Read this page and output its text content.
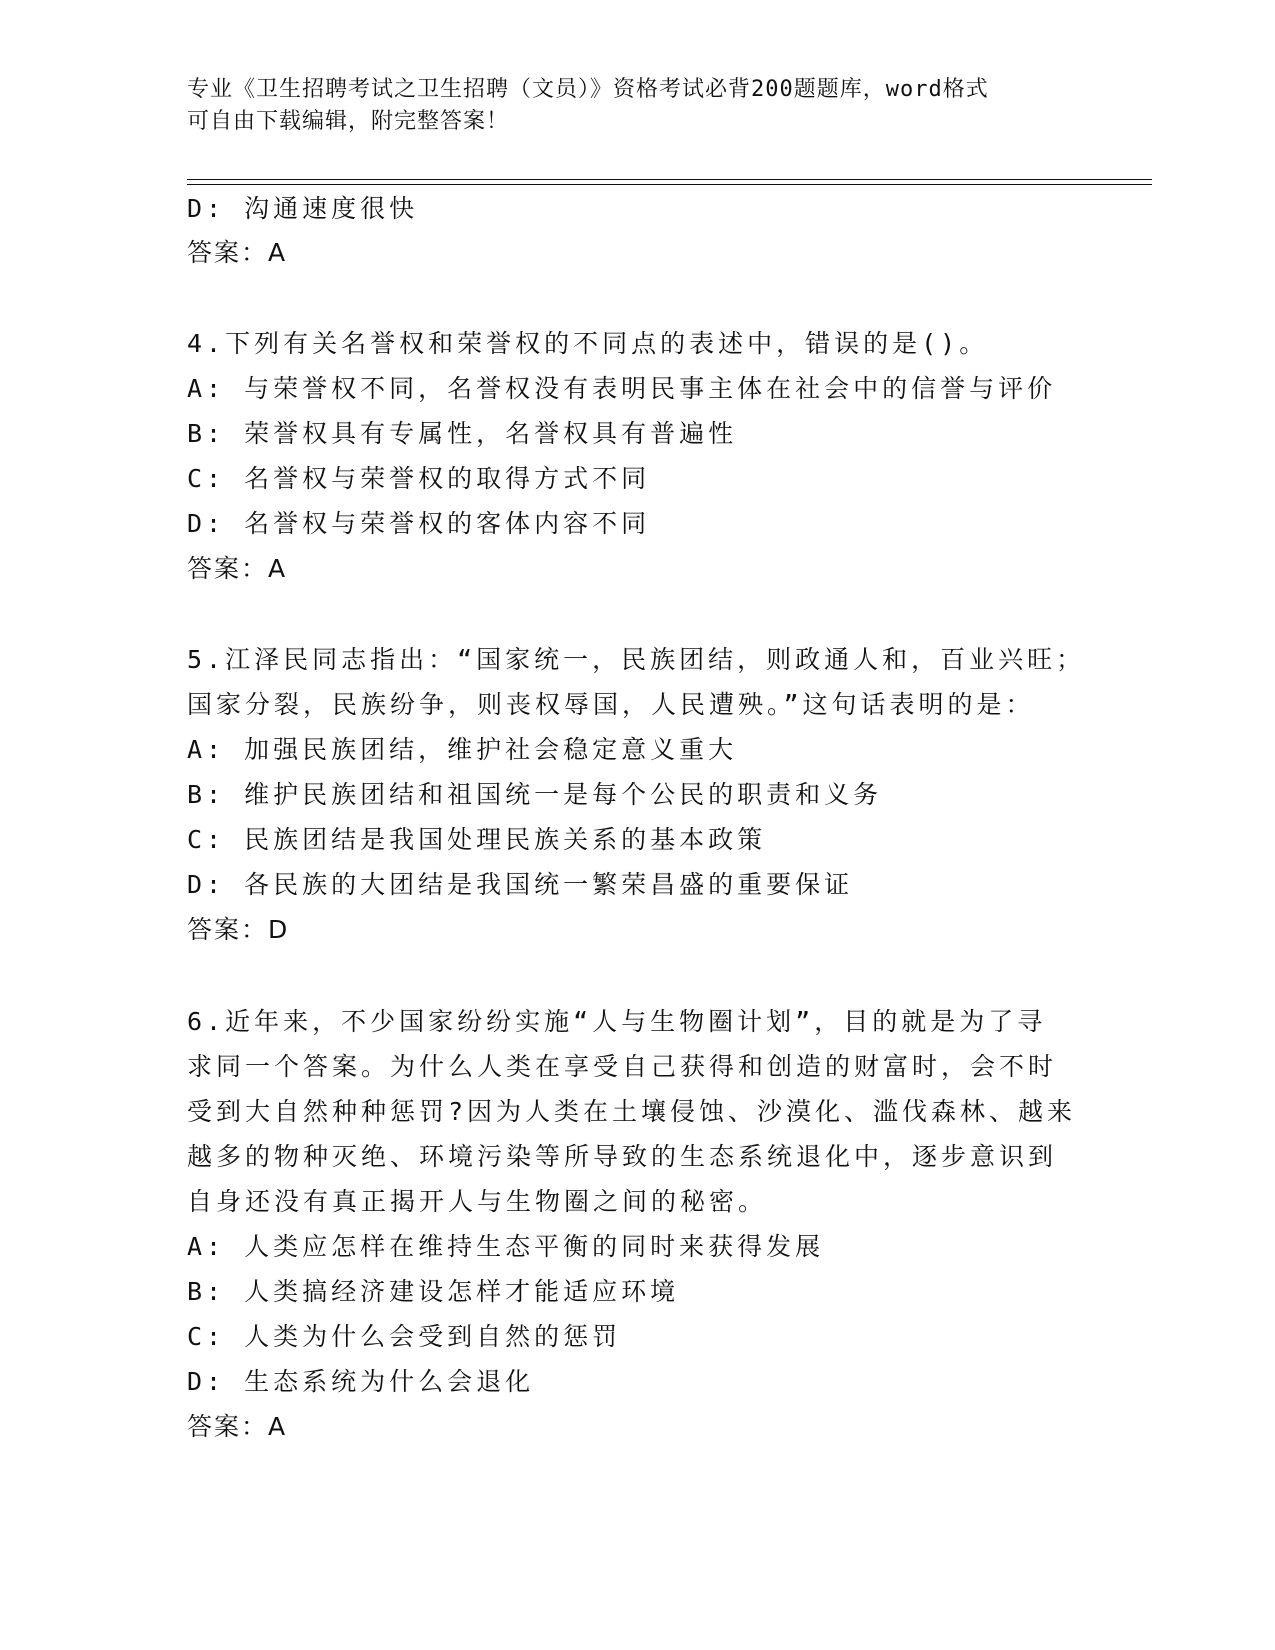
专业《卫生招聘考试之卫生招聘（文员）》资格考试必背200题题库，word格式
可自由下载编辑，附完整答案！
D: 沟通速度很快
答案：A
4.下列有关名誉权和荣誉权的不同点的表述中，错误的是()。
A: 与荣誉权不同，名誉权没有表明民事主体在社会中的信誉与评价
B: 荣誉权具有专属性，名誉权具有普遍性
C: 名誉权与荣誉权的取得方式不同
D: 名誉权与荣誉权的客体内容不同
答案：A
5.江泽民同志指出：“国家统一，民族团结，则政通人和，百业兴旺；
国家分裂，民族纷争，则丧权辱国，人民遭殃。”这句话表明的是：
A: 加强民族团结，维护社会稳定意义重大
B: 维护民族团结和祖国统一是每个公民的职责和义务
C: 民族团结是我国处理民族关系的基本政策
D: 各民族的大团结是我国统一繁荣昌盛的重要保证
答案：D
6.近年来，不少国家纷纷实施“人与生物圈计划”，目的就是为了寻
求同一个答案。为什么人类在享受自己获得和创造的财富时，会不时
受到大自然种种惩罚?因为人类在土壤侵蚀、沙漠化、滥伐森林、越来
越多的物种灭绝、环境污染等所导致的生态系统退化中，逐步意识到
自身还没有真正揭开人与生物圈之间的秘密。
A: 人类应怎样在维持生态平衡的同时来获得发展
B: 人类搞经济建设怎样才能适应环境
C: 人类为什么会受到自然的惩罚
D: 生态系统为什么会退化
答案：A
